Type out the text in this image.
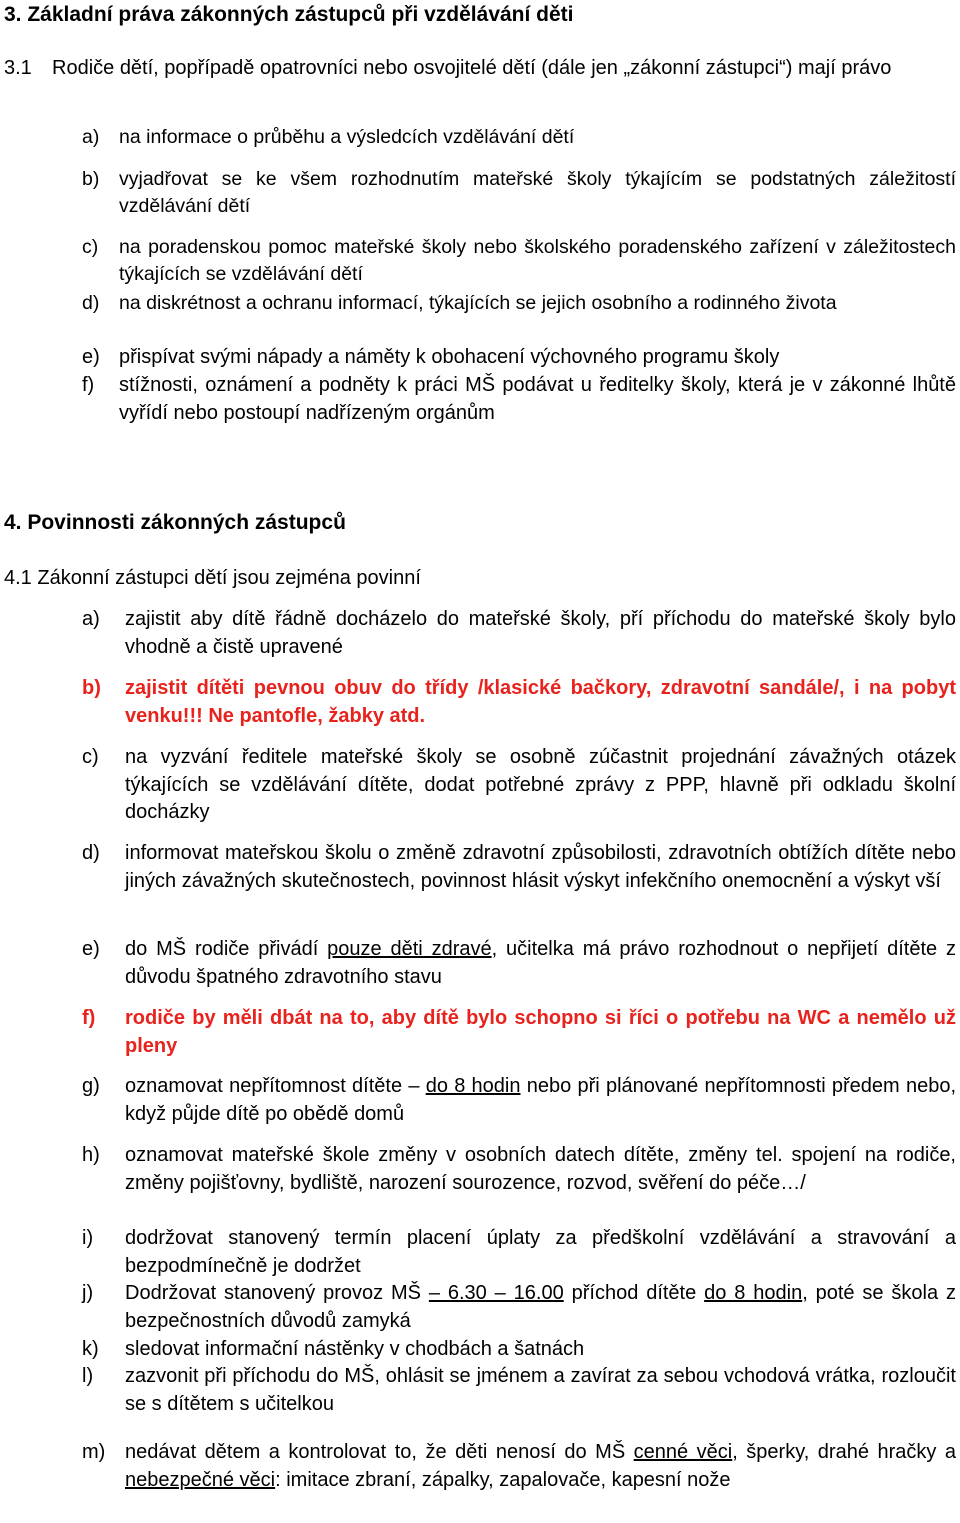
3. Základní práva zákonných zástupců při vzdělávání děti
3.1 Rodiče dětí, popřípadě opatrovníci nebo osvojitelé dětí (dále jen „zákonní zástupci“) mají právo
a) na informace o průběhu a výsledcích vzdělávání dětí
b) vyjadřovat se ke všem rozhodnutím mateřské školy týkajícím se podstatných záležitostí vzdělávání dětí
c) na poradenskou pomoc mateřské školy nebo školského poradenského zařízení v záležitostech týkajících se vzdělávání dětí
d) na diskrétnost a ochranu informací, týkajících se jejich osobního a rodinného života
e) přispívat svými nápady a náměty k obohacení výchovného programu školy
f) stížnosti, oznámení a podněty k práci MŠ podávat u ředitelky školy, která je v zákonné lhůtě vyřídí nebo postoupí nadřízeným orgánům
4. Povinnosti zákonných zástupců
4.1 Zákonní zástupci dětí jsou zejména povinní
a) zajistit aby dítě řádně docházelo do mateřské školy, pří příchodu do mateřské školy bylo vhodně a čistě upravené
b) zajistit dítěti pevnou obuv do třídy /klasické bačkory, zdravotní sandále/, i na pobyt venku!!! Ne pantofle, žabky atd.
c) na vyzvání ředitele mateřské školy se osobně zúčastnit projednání závažných otázek týkajících se vzdělávání dítěte, dodat potřebné zprávy z PPP, hlavně při odkladu školní docházky
d) informovat mateřskou školu o změně zdravotní způsobilosti, zdravotních obtížích dítěte nebo jiných závažných skutečnostech, povinnost hlásit výskyt infekčního onemocnění a výskyt vší
e) do MŠ rodiče přivádí pouze děti zdravé, učitelka má právo rozhodnout o nepřijetí dítěte z důvodu špatného zdravotního stavu
f) rodiče by měli dbát na to, aby dítě bylo schopno si říci o potřebu na WC a nemělo už pleny
g) oznamovat nepřítomnost dítěte – do 8 hodin nebo při plánované nepřítomnosti předem nebo, když půjde dítě po obědě domů
h) oznamovat mateřské škole změny v osobních datech dítěte, změny tel. spojení na rodiče, změny pojišťovny, bydliště, narození sourozence, rozvod, svěření do péče…/
i) dodržovat stanovený termín placení úplaty za předškolní vzdělávání a stravování a bezpodmínečně je dodržet
j) Dodržovat stanovený provoz MŠ – 6.30 – 16.00 příchod dítěte do 8 hodin, poté se škola z bezpečnostních důvodů zamyká
k) sledovat informační nástěnky v chodbách a šatnách
l) zazvonit při příchodu do MŠ, ohlásit se jménem a zavírat za sebou vchodová vrátka, rozloučit se s dítětem s učitelkou
m) nedávat dětem a kontrolovat to, že děti nenosí do MŠ cenné věci, šperky, drahé hračky a nebezpečné věci: imitace zbraní, zápalky, zapalovače, kapesní nože
